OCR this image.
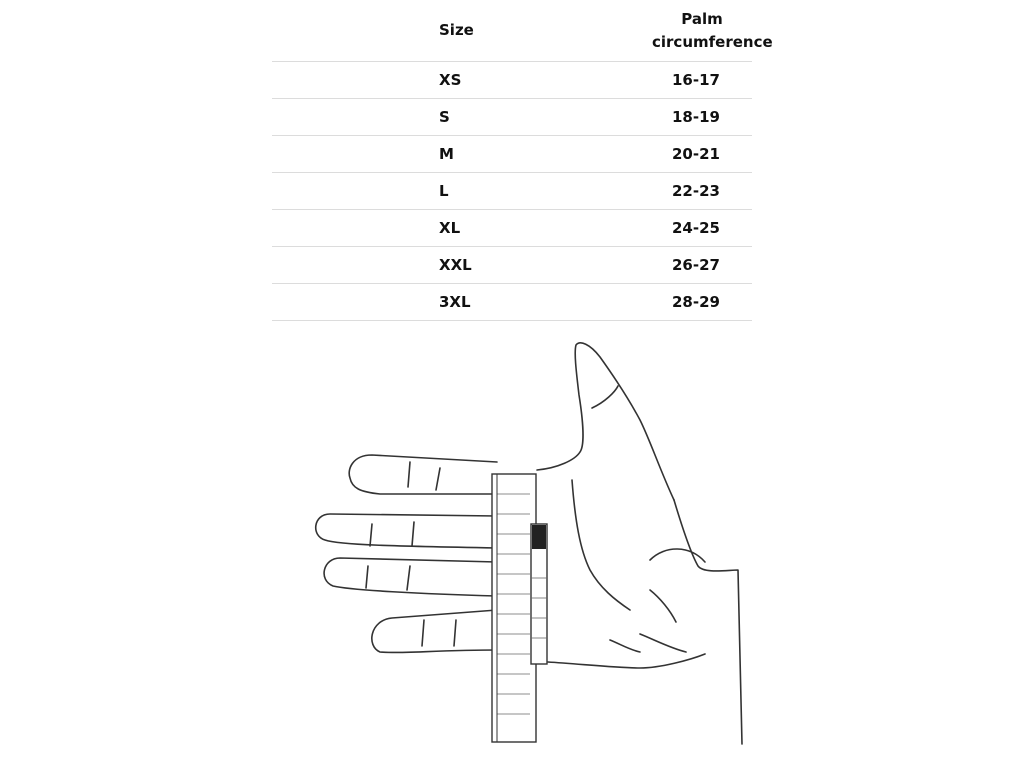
Size	Palm
circumference
XS	16-17
S	18-19
M	20-21
L	22-23
XL	24-25
XXL	26-27
3XL	28-29
